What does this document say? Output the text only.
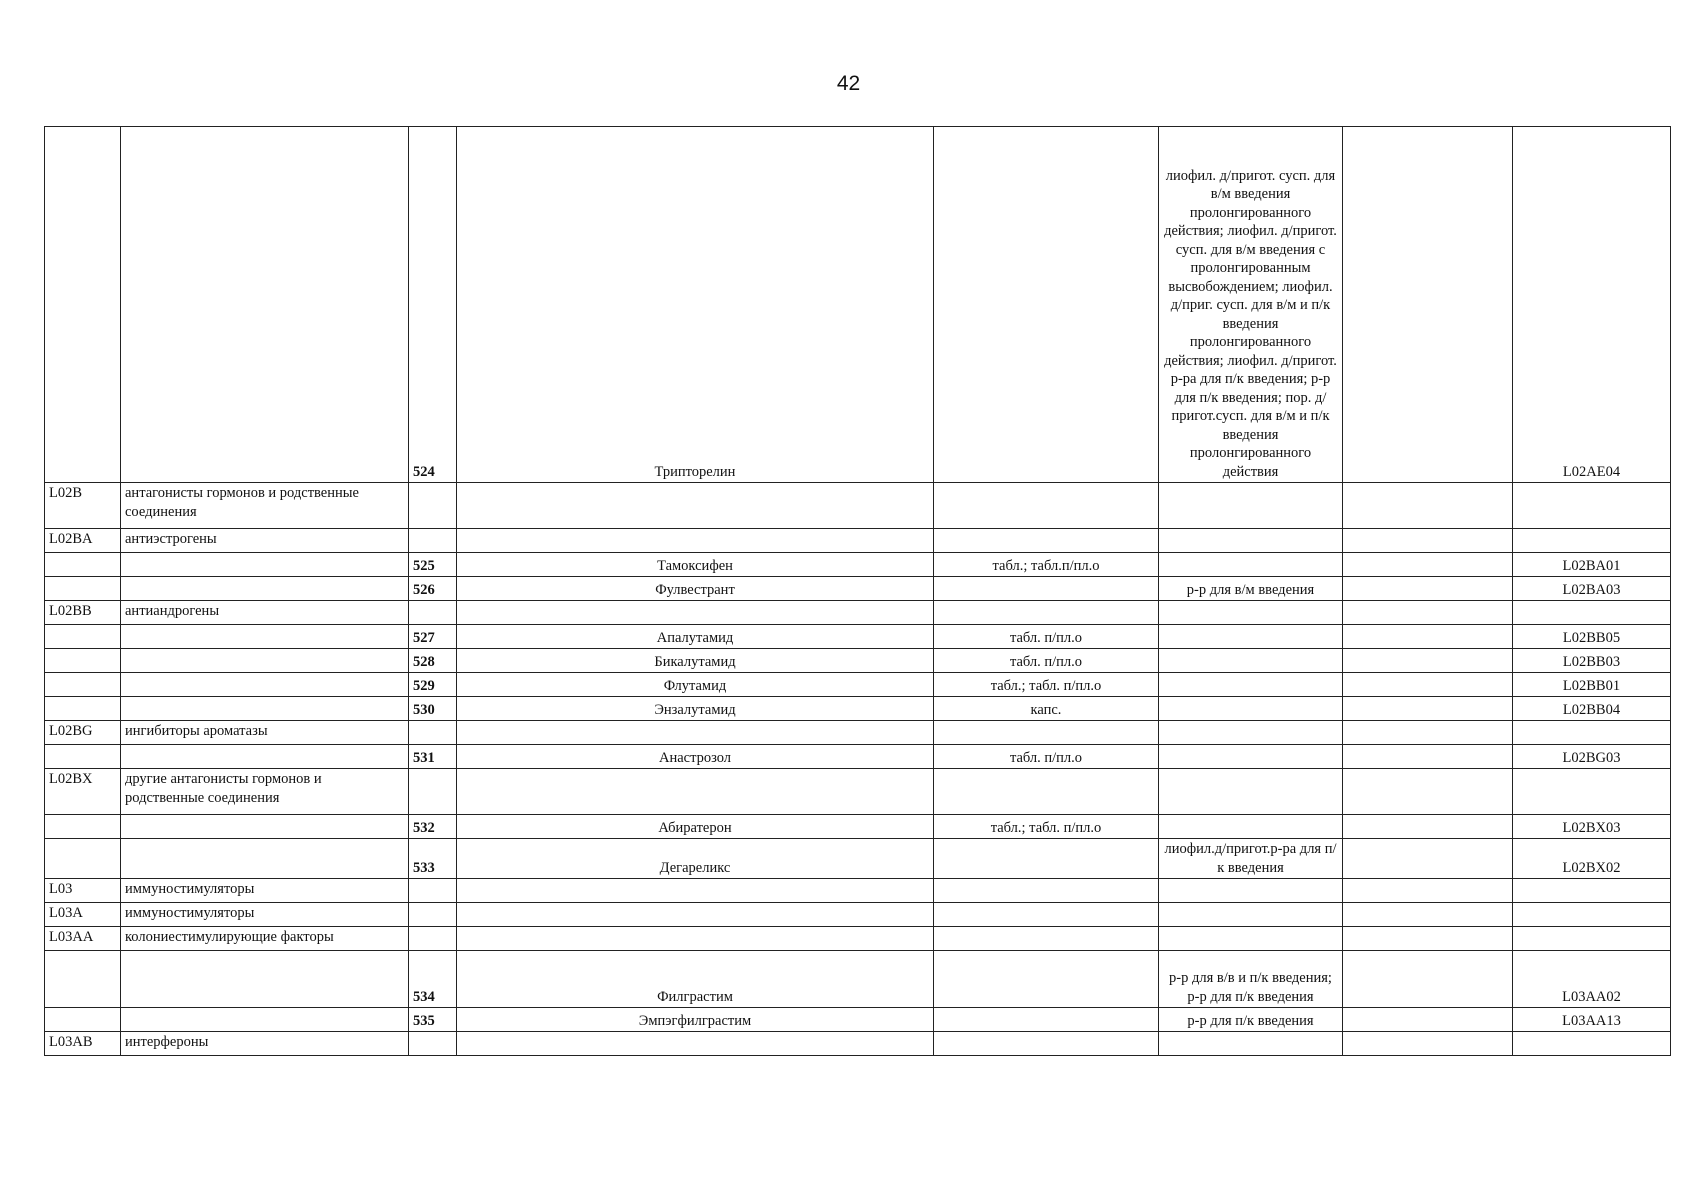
42
		524	Трипторелин		лиофил. д/пригот. сусп. для в/м введения пролонгированного действия; лиофил. д/пригот. сусп. для в/м введения с пролонгированным высвобождением; лиофил. д/приг. сусп. для в/м и п/к введения пролонгированного действия; лиофил. д/пригот. р-ра для п/к введения; р-р для п/к введения; пор. д/пригот.сусп. для в/м и п/к введения пролонгированного действия		L02AE04
L02B	антагонисты гормонов и родственные соединения						
L02BA	антиэстрогены						
		525	Тамоксифен	табл.; табл.п/пл.о			L02BA01
		526	Фулвестрант		р-р для в/м введения		L02BA03
L02BB	антиандрогены						
		527	Апалутамид	табл. п/пл.о			L02BB05
		528	Бикалутамид	табл. п/пл.о			L02BB03
		529	Флутамид	табл.; табл. п/пл.о			L02BB01
		530	Энзалутамид	капс.			L02BB04
L02BG	ингибиторы ароматазы						
		531	Анастрозол	табл. п/пл.о			L02BG03
L02BX	другие антагонисты гормонов и родственные соединения						
		532	Абиратерон	табл.; табл. п/пл.о			L02BX03
		533	Дегареликс		лиофил.д/пригот.р-ра для п/к введения		L02BX02
L03	иммуностимуляторы						
L03A	иммуностимуляторы						
L03AA	колониестимулирующие факторы						
		534	Филграстим		р-р для в/в и п/к введения; р-р для п/к введения		L03AA02
		535	Эмпэгфилграстим		р-р для п/к введения		L03AA13
L03AB	интерфероны						
